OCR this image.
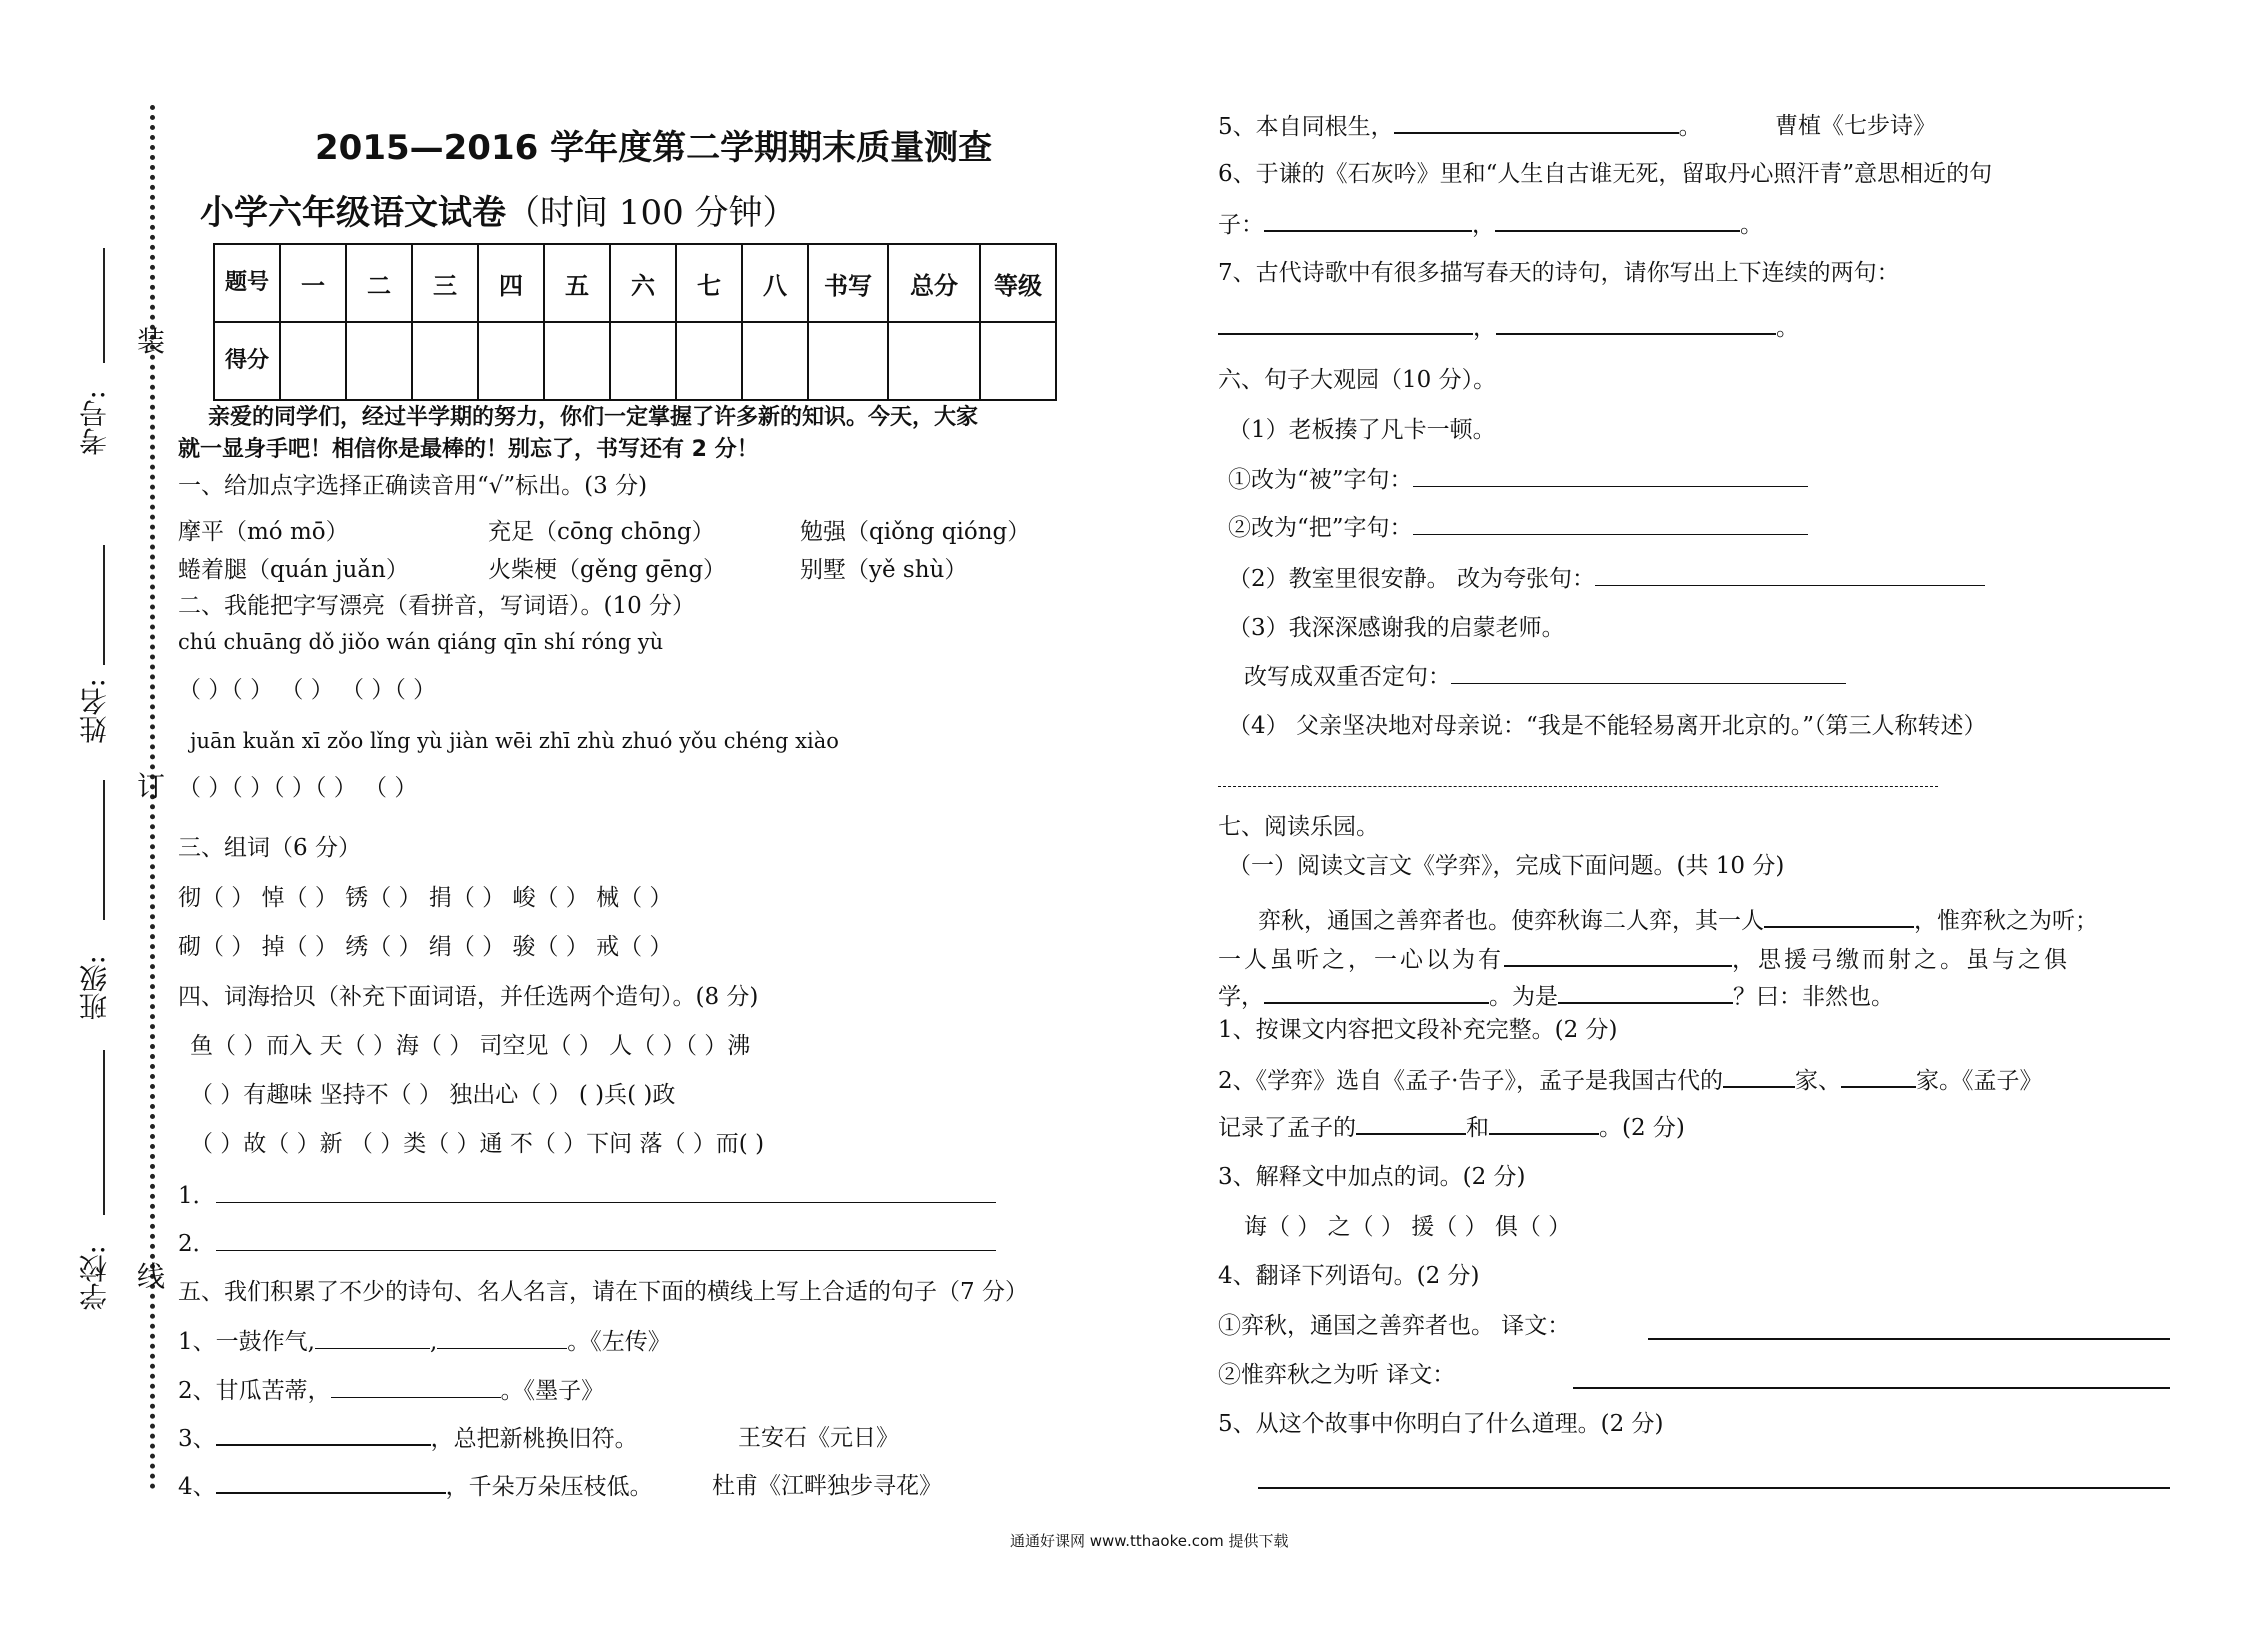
装
订
线
考号:
姓名:
班级:
学校:
2015—2016 学年度第二学期期末质量测查
小学六年级语文试卷（时间 100 分钟）
题号	一	二	三	四	五	六	七	八	书写	总分	等级
得分											
亲爱的同学们，经过半学期的努力，你们一定掌握了许多新的知识。今天，大家
就一显身手吧！相信你是最棒的！别忘了，书写还有 2 分！
一、给加点字选择正确读音用“√”标出。(3 分)
摩平（mó mō）	充足（cōng chōng）	勉强（qiǒng qióng）
蜷着腿（quán juǎn）	火柴梗（gěng gēng）	别墅（yě shù）
二、我能把字写漂亮（看拼音，写词语）。(10 分）
chú chuāng dǒ jiǒo wán qiáng qīn shí róng yù
（ ）（ ） （ ） （ ）（ ）
juān kuǎn xī zǒo lǐng yù jiàn wēi zhī zhù zhuó yǒu chéng xiào
（ ）（ ）（ ）（ ） （ ）
三、组词（6 分）
彻（ ） 悼（ ） 锈（ ） 捐（ ） 峻（ ） 械（ ）
砌（ ） 掉（ ） 绣（ ） 绢（ ） 骏（ ） 戒（ ）
四、词海拾贝（补充下面词语，并任选两个造句）。(8 分)
鱼（ ）而入 天（ ）海（ ） 司空见（ ） 人（ ）（ ）沸
（ ）有趣味 坚持不（ ） 独出心（ ） ( )兵( )政
（ ）故（ ）新 （ ）类（ ）通 不（ ）下问 落（ ）而( )
1．
2．
五、我们积累了不少的诗句、名人名言，请在下面的横线上写上合适的句子（7 分）
1、一鼓作气,	,	。《左传》
2、甘瓜苦蒂，	。《墨子》
3、	，总把新桃换旧符。	王安石《元日》
4、	，千朵万朵压枝低。	杜甫《江畔独步寻花》
5、本自同根生，	。	曹植《七步诗》
6、于谦的《石灰吟》里和“人生自古谁无死，留取丹心照汗青”意思相近的句
子：	，	。
7、古代诗歌中有很多描写春天的诗句，请你写出上下连续的两句：
，	。
六、句子大观园（10 分）。
（1）老板揍了凡卡一顿。
①改为“被”字句：
②改为“把”字句：
（2）教室里很安静。 改为夸张句：
（3）我深深感谢我的启蒙老师。
改写成双重否定句：
（4） 父亲坚决地对母亲说：“我是不能轻易离开北京的。”（第三人称转述）
七、阅读乐园。
（一）阅读文言文《学弈》，完成下面问题。(共 10 分)
弈秋，通国之善弈者也。使弈秋诲二人弈，其一人	，惟弈秋之为听；
一人虽听之，一心以为有	，思援弓缴而射之。虽与之俱
学，	。为是	？曰：非然也。
1、按课文内容把文段补充完整。(2 分)
2、《学弈》选自《孟子·告子》，孟子是我国古代的	家、	家。《孟子》
记录了孟子的	和	。(2 分)
3、解释文中加点的词。(2 分)
诲（ ） 之（ ） 援（ ） 俱（ ）
4、翻译下列语句。(2 分)
①弈秋，通国之善弈者也。 译文：
②惟弈秋之为听 译文：
5、从这个故事中你明白了什么道理。(2 分)
通通好课网 www.tthaoke.com 提供下载
